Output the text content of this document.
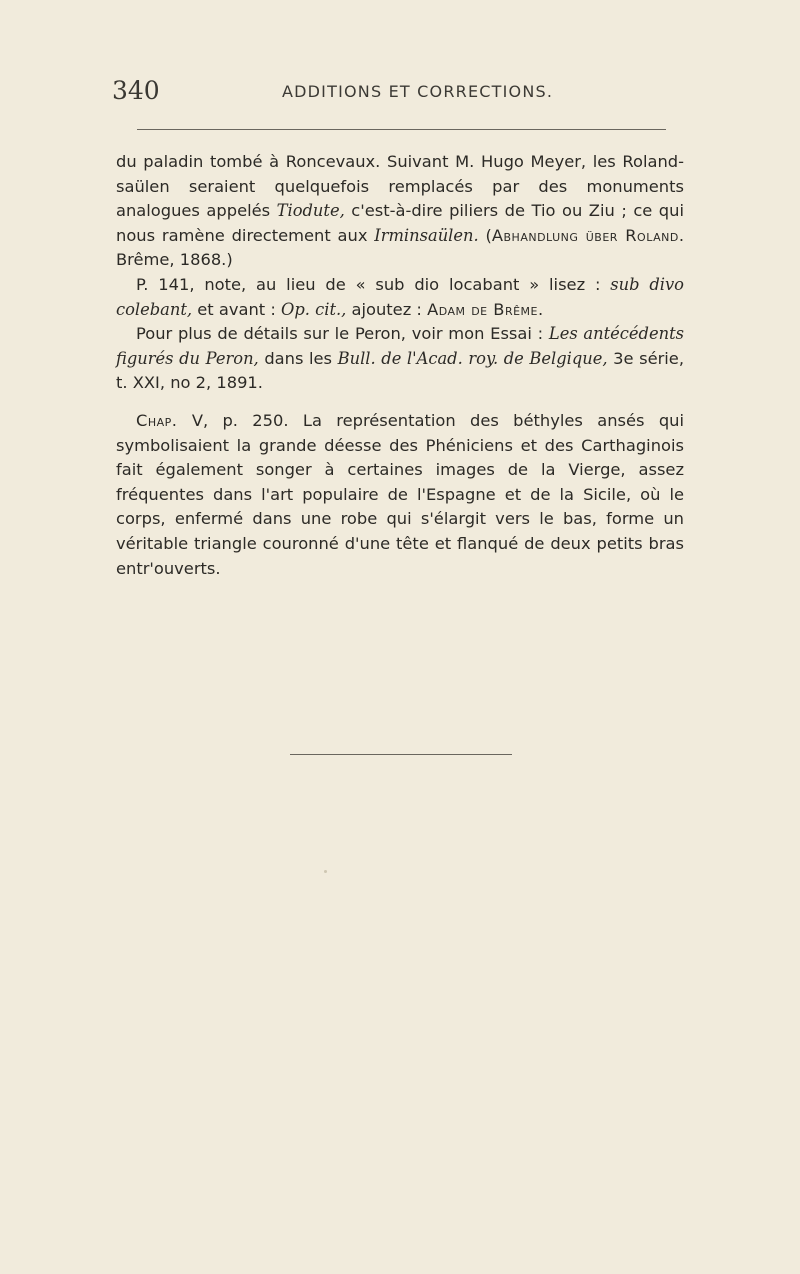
340	ADDITIONS ET CORRECTIONS.

du paladin tombé à Roncevaux. Suivant M. Hugo Meyer, les Roland-saülen seraient quelquefois remplacés par des monuments analogues appelés Tiodute, c'est-à-dire piliers de Tio ou Ziu ; ce qui nous ramène directement aux Irminsaülen. (Abhandlung über Roland. Brême, 1868.)

P. 141, note, au lieu de « sub dio locabant » lisez : sub divo colebant, et avant : Op. cit., ajoutez : Adam de Brême.

Pour plus de détails sur le Peron, voir mon Essai : Les antécédents figurés du Peron, dans les Bull. de l'Acad. roy. de Belgique, 3e série, t. XXI, no 2, 1891.

Chap. V, p. 250. La représentation des béthyles ansés qui symbolisaient la grande déesse des Phéniciens et des Carthaginois fait également songer à certaines images de la Vierge, assez fréquentes dans l'art populaire de l'Espagne et de la Sicile, où le corps, enfermé dans une robe qui s'élargit vers le bas, forme un véritable triangle couronné d'une tête et flanqué de deux petits bras entr'ouverts.
